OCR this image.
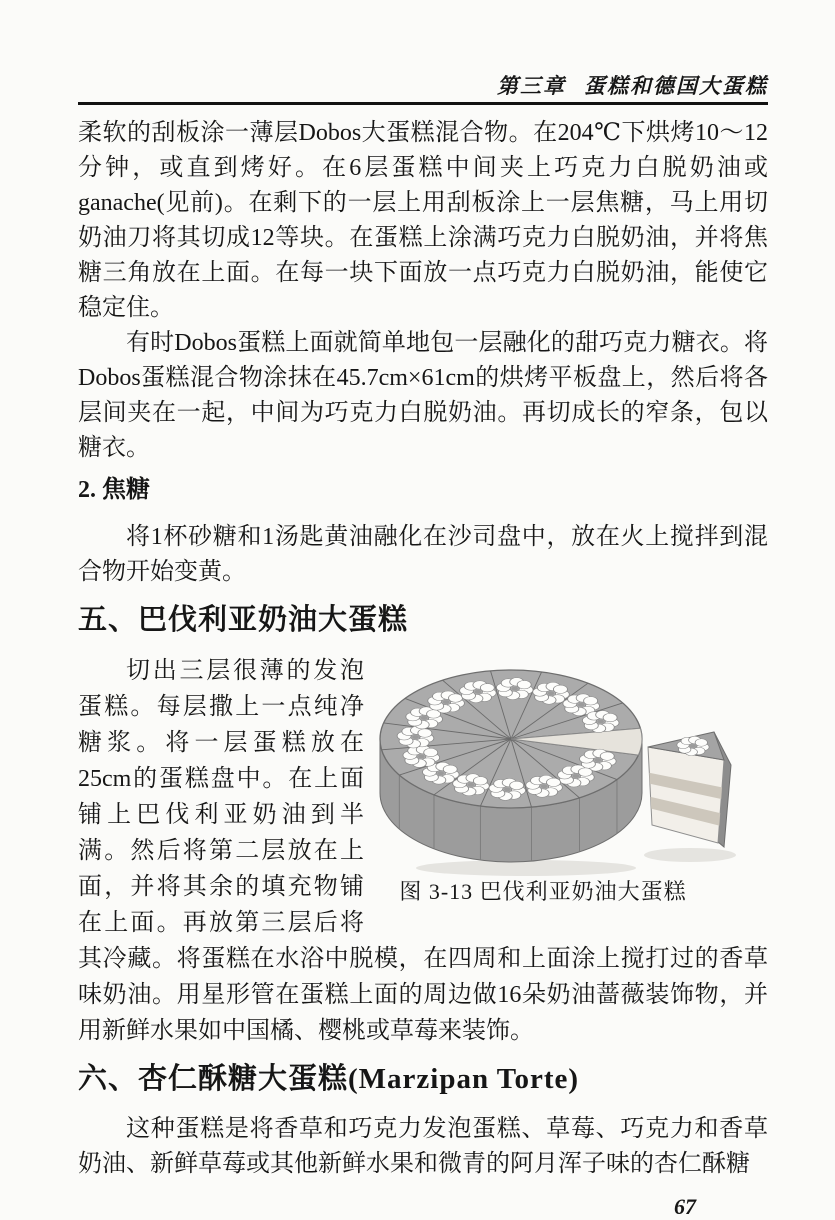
第三章 蛋糕和德国大蛋糕

柔软的刮板涂一薄层Dobos大蛋糕混合物。在204℃下烘烤10～12分钟，或直到烤好。在6层蛋糕中间夹上巧克力白脱奶油或ganache(见前)。在剩下的一层上用刮板涂上一层焦糖，马上用切奶油刀将其切成12等块。在蛋糕上涂满巧克力白脱奶油，并将焦糖三角放在上面。在每一块下面放一点巧克力白脱奶油，能使它稳定住。

有时Dobos蛋糕上面就简单地包一层融化的甜巧克力糖衣。将Dobos蛋糕混合物涂抹在45.7cm×61cm的烘烤平板盘上，然后将各层间夹在一起，中间为巧克力白脱奶油。再切成长的窄条，包以糖衣。

2. 焦糖

将1杯砂糖和1汤匙黄油融化在沙司盘中，放在火上搅拌到混合物开始变黄。

五、巴伐利亚奶油大蛋糕
图 3-13 巴伐利亚奶油大蛋糕

切出三层很薄的发泡蛋糕。每层撒上一点纯净糖浆。将一层蛋糕放在25cm的蛋糕盘中。在上面铺上巴伐利亚奶油到半满。然后将第二层放在上面，并将其余的填充物铺在上面。再放第三层后将其冷藏。将蛋糕在水浴中脱模，在四周和上面涂上搅打过的香草味奶油。用星形管在蛋糕上面的周边做16朵奶油蔷薇装饰物，并用新鲜水果如中国橘、樱桃或草莓来装饰。

六、杏仁酥糖大蛋糕(Marzipan Torte)

这种蛋糕是将香草和巧克力发泡蛋糕、草莓、巧克力和香草奶油、新鲜草莓或其他新鲜水果和微青的阿月浑子味的杏仁酥糖

67
